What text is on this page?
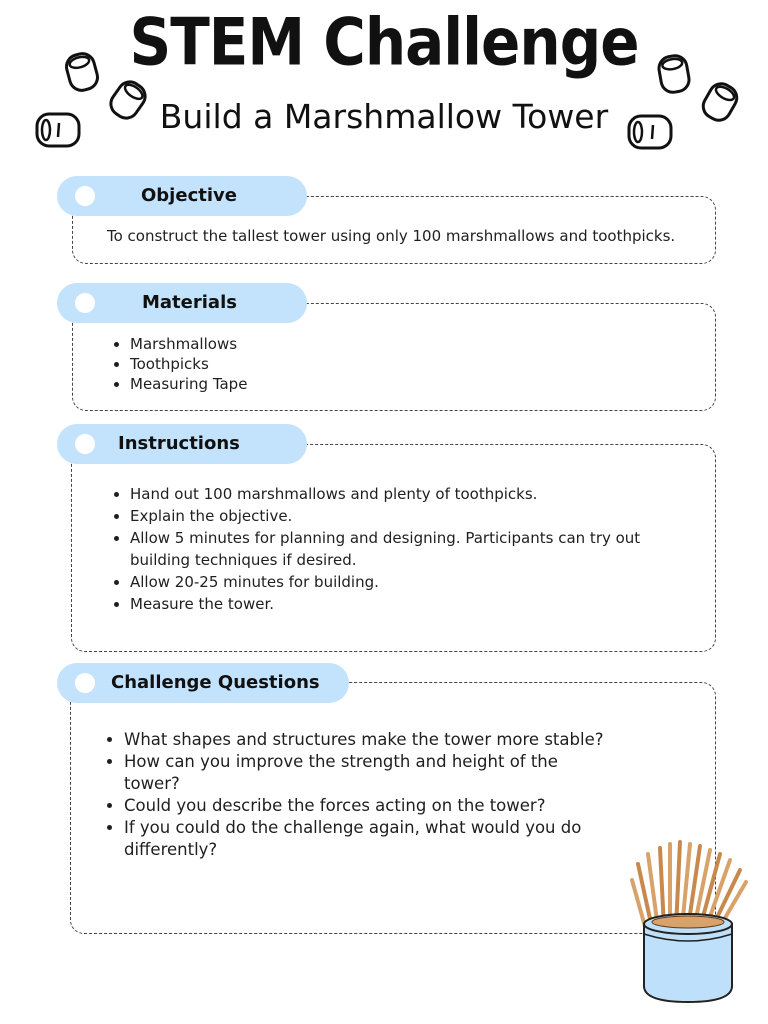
STEM Challenge
Build a Marshmallow Tower
Objective
To construct the tallest tower using only 100 marshmallows and toothpicks.
Materials
• Marshmallows
• Toothpicks
• Measuring Tape
Instructions
• Hand out 100 marshmallows and plenty of toothpicks.
• Explain the objective.
• Allow 5 minutes for planning and designing. Participants can try out building techniques if desired.
• Allow 20-25 minutes for building.
• Measure the tower.
Challenge Questions
• What shapes and structures make the tower more stable?
• How can you improve the strength and height of the tower?
• Could you describe the forces acting on the tower?
• If you could do the challenge again, what would you do differently?
